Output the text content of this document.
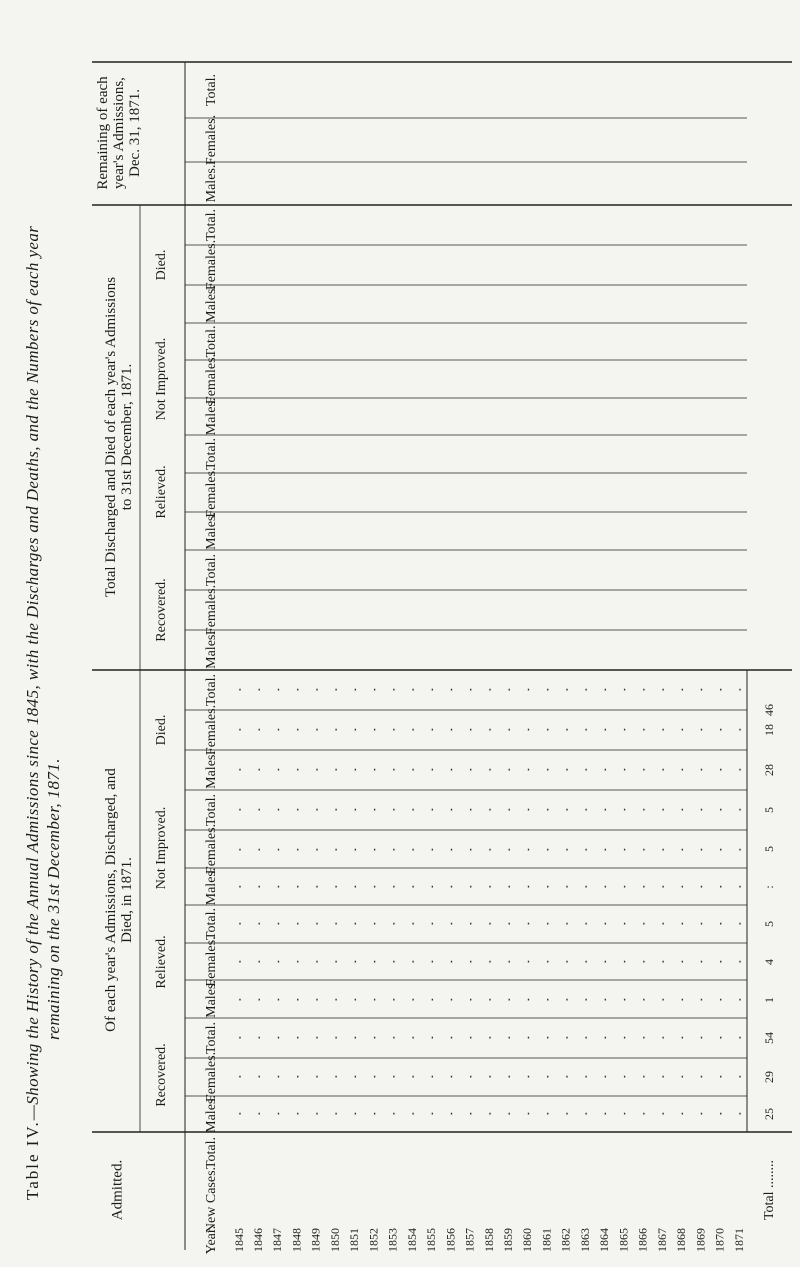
Table IV.—Showing the History of the Annual Admissions since 1845, with the Discharges and Deaths, and the Numbers of each year remaining on the 31st December, 1871.
Remaining of eachyear's Admissions,Dec. 31, 1871.
Total Discharged and Died of each year's Admissionsto 31st December, 1871.
Of each year's Admissions, Discharged, andDied, in 1871.
Admitted.
Died.
Not Improved.
Relieved.
Recovered.
Died.
Not Improved.
Relieved.
Recovered.
Total.
Females.
Males.
Total.
Females.
Males.
Total.
Females.
Males.
Total.
Females.
Males.
Total.
Females.
Males.
Total.
Females.
Males.
Total.
Females.
Males.
Total.
Females.
Males.
Total.
Females.
Males.
Total.
New Cases.
Year. 1845 1846 1847 1848 1849 1850 1851 1852 1853 1854 1855 1856 1857 1858 1859 1860 1861 1862 1863 1864 1865 1866 1867 1868 1869 1870 1871
·
·
·
·
·
·
·
·
·
·
·
·
·
·
·
·
·
·
·
·
·
·
·
·
·
·
·
·
·
·
·
·
·
·
·
·
·
·
·
·
·
·
·
·
·
·
·
·
·
·
·
·
·
·
·
·
·
·
·
·
·
·
·
·
·
·
·
·
·
·
·
·
·
·
·
·
·
·
·
·
·
·
·
·
·
·
·
·
·
·
·
·
·
·
·
·
·
·
·
·
·
·
·
·
·
·
·
·
·
·
·
·
·
·
·
·
·
·
·
·
·
·
·
·
·
·
·
·
·
·
·
·
·
·
·
·
·
·
·
·
·
·
·
·
·
·
·
·
·
·
·
·
·
·
·
·
·
·
·
·
·
·
·
·
·
·
·
·
·
·
·
·
·
·
·
·
·
·
·
·
·
·
·
·
·
·
·
·
·
·
·
·
·
·
·
·
·
·
·
·
·
·
·
·
·
·
·
·
·
·
·
·
·
·
·
·
·
·
·
·
·
·
·
·
·
·
·
·
·
·
·
·
·
·
·
·
·
·
·
·
·
·
·
·
·
·
·
·
·
·
·
·
·
·
·
·
·
·
·
·
·
·
·
·
·
·
·
·
·
·
·
·
·
·
·
·
·
·
·
·
·
·
·
·
·
·
·
·
·
·
·
·
·
·
·
·
·
·
·
·
·
·
·
·
·
·
·
·
·
·
·
·
·
·
·
·
·
·
·
·
·
·
·
·
Total ........
46
18
28
5
5
:
5
4
1
54
29
25
